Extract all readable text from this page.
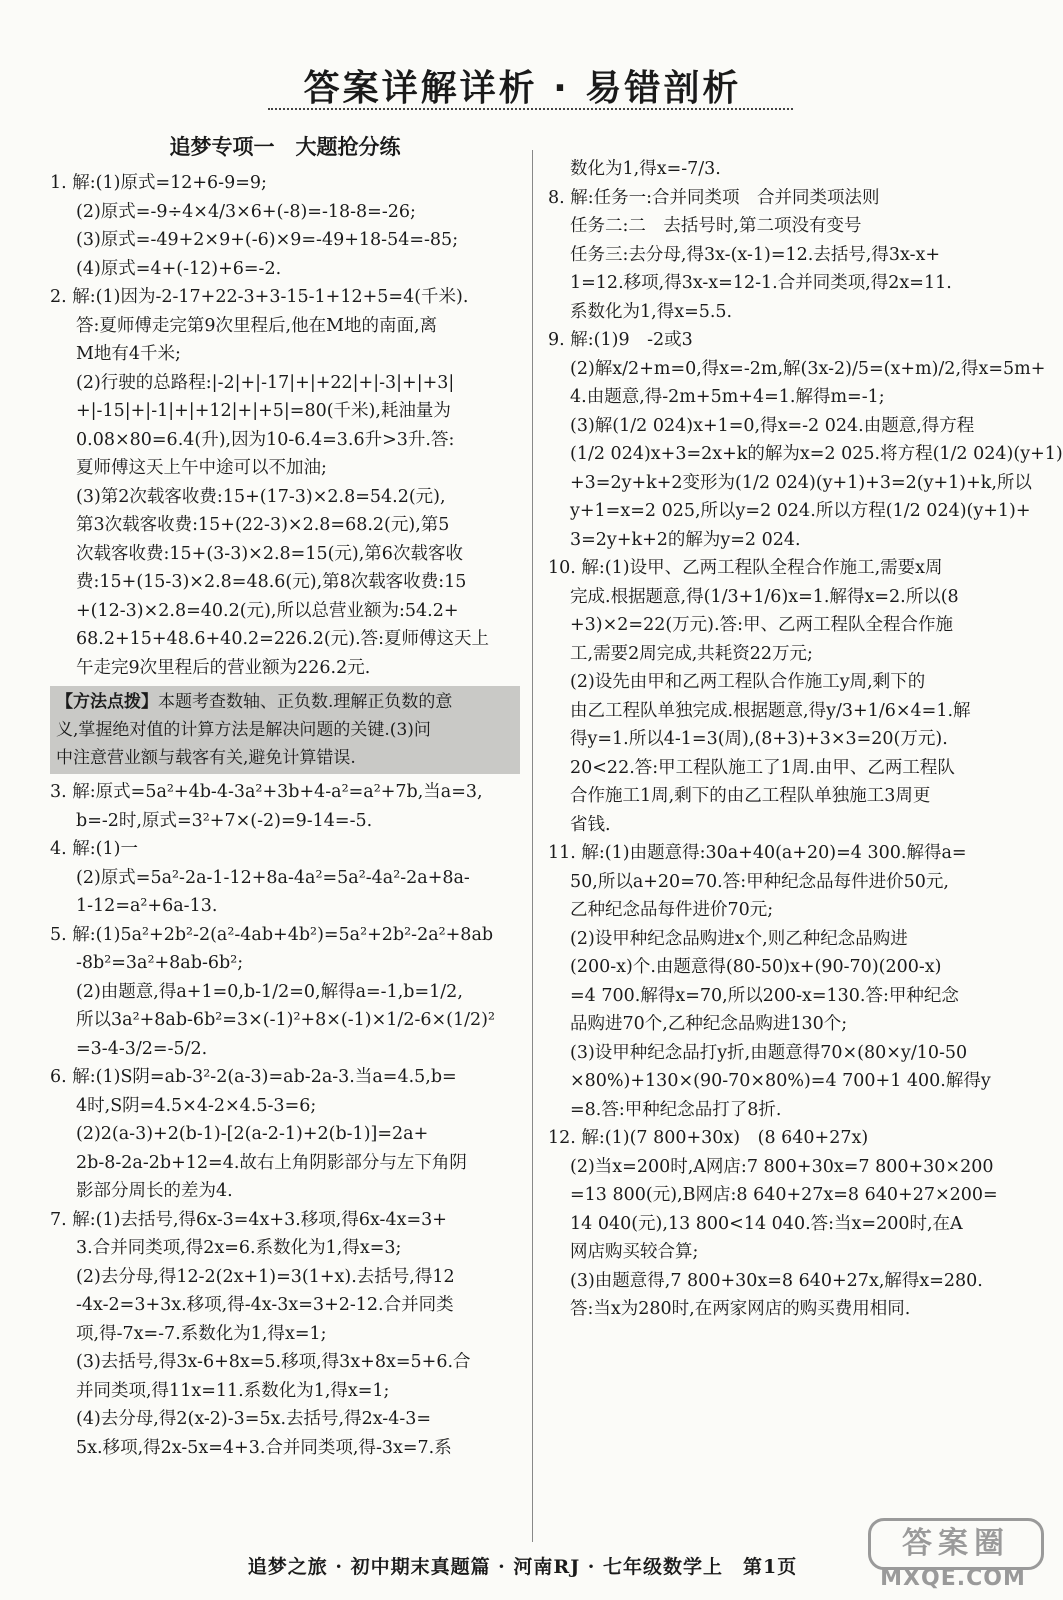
答案详解详析 · 易错剖析
追梦专项一　大题抢分练
1. 解:(1)原式=12+6-9=9;
(2)原式=-9÷4×4/3×6+(-8)=-18-8=-26;
(3)原式=-49+2×9+(-6)×9=-49+18-54=-85;
(4)原式=4+(-12)+6=-2.
2. 解:(1)因为-2-17+22-3+3-15-1+12+5=4(千米).
答:夏师傅走完第9次里程后,他在M地的南面,离
M地有4千米;
(2)行驶的总路程:|-2|+|-17|+|+22|+|-3|+|+3|
+|-15|+|-1|+|+12|+|+5|=80(千米),耗油量为
0.08×80=6.4(升),因为10-6.4=3.6升>3升.答:
夏师傅这天上午中途可以不加油;
(3)第2次载客收费:15+(17-3)×2.8=54.2(元),
第3次载客收费:15+(22-3)×2.8=68.2(元),第5
次载客收费:15+(3-3)×2.8=15(元),第6次载客收
费:15+(15-3)×2.8=48.6(元),第8次载客收费:15
+(12-3)×2.8=40.2(元),所以总营业额为:54.2+
68.2+15+48.6+40.2=226.2(元).答:夏师傅这天上
午走完9次里程后的营业额为226.2元.
【方法点拨】本题考查数轴、正负数.理解正负数的意
义,掌握绝对值的计算方法是解决问题的关键.(3)问
中注意营业额与载客有关,避免计算错误.
3. 解:原式=5a²+4b-4-3a²+3b+4-a²=a²+7b,当a=3,
b=-2时,原式=3²+7×(-2)=9-14=-5.
4. 解:(1)一
(2)原式=5a²-2a-1-12+8a-4a²=5a²-4a²-2a+8a-
1-12=a²+6a-13.
5. 解:(1)5a²+2b²-2(a²-4ab+4b²)=5a²+2b²-2a²+8ab
-8b²=3a²+8ab-6b²;
(2)由题意,得a+1=0,b-1/2=0,解得a=-1,b=1/2,
所以3a²+8ab-6b²=3×(-1)²+8×(-1)×1/2-6×(1/2)²
=3-4-3/2=-5/2.
6. 解:(1)S阴=ab-3²-2(a-3)=ab-2a-3.当a=4.5,b=
4时,S阴=4.5×4-2×4.5-3=6;
(2)2(a-3)+2(b-1)-[2(a-2-1)+2(b-1)]=2a+
2b-8-2a-2b+12=4.故右上角阴影部分与左下角阴
影部分周长的差为4.
7. 解:(1)去括号,得6x-3=4x+3.移项,得6x-4x=3+
3.合并同类项,得2x=6.系数化为1,得x=3;
(2)去分母,得12-2(2x+1)=3(1+x).去括号,得12
-4x-2=3+3x.移项,得-4x-3x=3+2-12.合并同类
项,得-7x=-7.系数化为1,得x=1;
(3)去括号,得3x-6+8x=5.移项,得3x+8x=5+6.合
并同类项,得11x=11.系数化为1,得x=1;
(4)去分母,得2(x-2)-3=5x.去括号,得2x-4-3=
5x.移项,得2x-5x=4+3.合并同类项,得-3x=7.系
数化为1,得x=-7/3.
8. 解:任务一:合并同类项　合并同类项法则
任务二:二　去括号时,第二项没有变号
任务三:去分母,得3x-(x-1)=12.去括号,得3x-x+
1=12.移项,得3x-x=12-1.合并同类项,得2x=11.
系数化为1,得x=5.5.
9. 解:(1)9　-2或3
(2)解x/2+m=0,得x=-2m,解(3x-2)/5=(x+m)/2,得x=5m+
4.由题意,得-2m+5m+4=1.解得m=-1;
(3)解(1/2 024)x+1=0,得x=-2 024.由题意,得方程
(1/2 024)x+3=2x+k的解为x=2 025.将方程(1/2 024)(y+1)
+3=2y+k+2变形为(1/2 024)(y+1)+3=2(y+1)+k,所以
y+1=x=2 025,所以y=2 024.所以方程(1/2 024)(y+1)+
3=2y+k+2的解为y=2 024.
10. 解:(1)设甲、乙两工程队全程合作施工,需要x周
完成.根据题意,得(1/3+1/6)x=1.解得x=2.所以(8
+3)×2=22(万元).答:甲、乙两工程队全程合作施
工,需要2周完成,共耗资22万元;
(2)设先由甲和乙两工程队合作施工y周,剩下的
由乙工程队单独完成.根据题意,得y/3+1/6×4=1.解
得y=1.所以4-1=3(周),(8+3)+3×3=20(万元).
20<22.答:甲工程队施工了1周.由甲、乙两工程队
合作施工1周,剩下的由乙工程队单独施工3周更
省钱.
11. 解:(1)由题意得:30a+40(a+20)=4 300.解得a=
50,所以a+20=70.答:甲种纪念品每件进价50元,
乙种纪念品每件进价70元;
(2)设甲种纪念品购进x个,则乙种纪念品购进
(200-x)个.由题意得(80-50)x+(90-70)(200-x)
=4 700.解得x=70,所以200-x=130.答:甲种纪念
品购进70个,乙种纪念品购进130个;
(3)设甲种纪念品打y折,由题意得70×(80×y/10-50
×80%)+130×(90-70×80%)=4 700+1 400.解得y
=8.答:甲种纪念品打了8折.
12. 解:(1)(7 800+30x)　(8 640+27x)
(2)当x=200时,A网店:7 800+30x=7 800+30×200
=13 800(元),B网店:8 640+27x=8 640+27×200=
14 040(元),13 800<14 040.答:当x=200时,在A
网店购买较合算;
(3)由题意得,7 800+30x=8 640+27x,解得x=280.
答:当x为280时,在两家网店的购买费用相同.
追梦之旅 · 初中期末真题篇 · 河南RJ · 七年级数学上　第1页
答案圈
MXQE.COM
